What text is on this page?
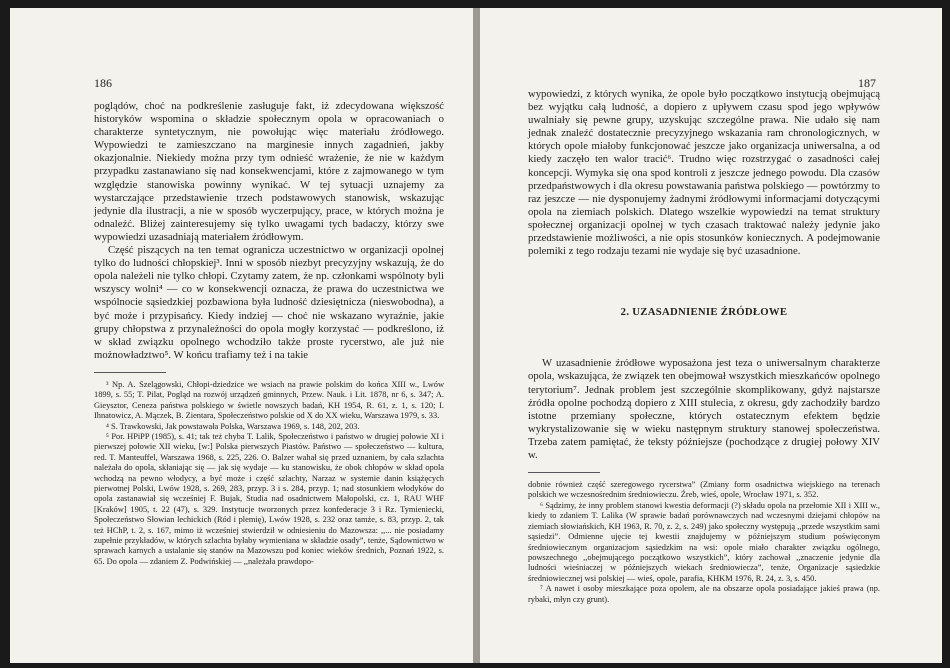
186

poglądów, choć na podkreślenie zasługuje fakt, iż zdecydowana większość historyków wspomina o składzie społecznym opola w opracowaniach o charakterze syntetycznym, nie powołując więc materiału źródłowego. Wypowiedzi te zamieszczano na marginesie innych zagadnień, jakby okazjonalnie. Niekiedy można przy tym odnieść wrażenie, że nie w każdym przypadku zastanawiano się nad konsekwencjami, które z zajmowanego w tym względzie stanowiska powinny wynikać. W tej sytuacji uznajemy za wystarczające przedstawienie trzech podstawowych stanowisk, wskazując jedynie dla ilustracji, a nie w sposób wyczerpujący, prace, w których można je odnaleźć. Bliżej zainteresujemy się tylko uwagami tych badaczy, którzy swe wypowiedzi uzasadniają materiałem źródłowym.

Część piszących na ten temat ogranicza uczestnictwo w organizacji opolnej tylko do ludności chłopskiej³. Inni w sposób niezbyt precyzyjny wskazują, że do opola należeli nie tylko chłopi. Czytamy zatem, że np. członkami wspólnoty byli wszyscy wolni⁴ — co w konsekwencji oznacza, że prawa do uczestnictwa we wspólnocie sąsiedzkiej pozbawiona była ludność dziesiętnicza (nieswobodna), a być może i przypisańcy. Kiedy indziej — choć nie wskazano wyraźnie, jakie grupy chłopstwa z przynależności do opola mogły korzystać — podkreślono, iż w skład związku opolnego wchodziło także proste rycerstwo, ale już nie możnowładztwo⁵. W końcu trafiamy też i na takie

³ Np. A. Szelągowski, Chłopi-dziedzice we wsiach na prawie polskim do końca XIII w., Lwów 1899, s. 55; T. Pilat, Pogląd na rozwój urządzeń gminnych, Przew. Nauk. i Lit. 1878, nr 6, s. 347; A. Gieysztor, Ceneza państwa polskiego w świetle nowszych badań, KH 1954, R. 61, z. 1, s. 120; I. Ihnatowicz, A. Mączek, B. Zientara, Społeczeństwo polskie od X do XX wieku, Warszawa 1979, s. 33.

⁴ S. Trawkowski, Jak powstawała Polska, Warszawa 1969, s. 148, 202, 203.

⁵ Por. HPiPP (1985), s. 41; tak też chyba T. Lalik, Społeczeństwo i państwo w drugiej połowie XI i pierwszej połowie XII wieku, [w:] Polska pierwszych Piastów. Państwo — społeczeństwo — kultura, red. T. Manteuffel, Warszawa 1968, s. 225, 226. O. Balzer wahał się przed uznaniem, by cała szlachta należała do opola, skłaniając się — jak się wydaje — ku stanowisku, że obok chłopów w skład opola wchodzą na pewno włodycy, a być może i część szlachty, Narzaz w systemie danin książęcych pierwotnej Polski, Lwów 1928, s. 269, 283, przyp. 3 i s. 284, przyp. 1; nad stosunkiem włodyków do opola zastanawiał się wcześniej F. Bujak, Studia nad osadnictwem Małopolski, cz. 1, RAU WHF [Kraków] 1905, t. 22 (47), s. 329. Instytucje tworzonych przez konfederacje 3 i Rz. Tymieniecki, Społeczeństwo Słowian lechickich (Ród i plemię), Lwów 1928, s. 232 oraz tamże, s. 83, przyp. 2, tak też HChP, t. 2, s. 167, mimo iż wcześniej stwierdził w odniesieniu do Mazowsza: ,,... nie posiadamy zupełnie przykładów, w których szlachta byłaby wymieniana w składzie osady”, tenże, Sądownictwo w sprawach karnych a ustalanie się stanów na Mazowszu pod koniec wieków średnich, Poznań 1922, s. 65. Do opola — zdaniem Z. Podwińskiej — ,,należała prawdopo-

187

wypowiedzi, z których wynika, że opole było początkowo instytucją obejmującą bez wyjątku całą ludność, a dopiero z upływem czasu spod jego wpływów uwalniały się pewne grupy, uzyskując szczególne prawa. Nie udało się nam jednak znaleźć dostatecznie precyzyjnego wskazania ram chronologicznych, w których opole miałoby funkcjonować jeszcze jako organizacja uniwersalna, a od kiedy zaczęło ten walor tracić⁶. Trudno więc rozstrzygać o zasadności całej koncepcji. Wymyka się ona spod kontroli z jeszcze jednego powodu. Dla czasów przedpaństwowych i dla okresu powstawania państwa polskiego — powtórzmy to raz jeszcze — nie dysponujemy żadnymi źródłowymi informacjami dotyczącymi opola na ziemiach polskich. Dlatego wszelkie wypowiedzi na temat struktury społecznej organizacji opolnej w tych czasach traktować należy jedynie jako przedstawienie możliwości, a nie opis stosunków koniecznych. A podejmowanie polemiki z tego rodzaju tezami nie wydaje się być uzasadnione.

2. UZASADNIENIE ŹRÓDŁOWE

W uzasadnienie źródłowe wyposażona jest teza o uniwersalnym charakterze opola, wskazująca, że związek ten obejmował wszystkich mieszkańców opolnego terytorium⁷. Jednak problem jest szczególnie skomplikowany, gdyż najstarsze źródła opolne pochodzą dopiero z XIII stulecia, z okresu, gdy zachodziły bardzo istotne przemiany społeczne, których ostatecznym efektem będzie wykrystalizowanie się w wieku następnym struktury stanowej społeczeństwa. Trzeba zatem pamiętać, że teksty późniejsze (pochodzące z drugiej połowy XIV w.

dobnie również część szeregowego rycerstwa” (Zmiany form osadnictwa wiejskiego na terenach polskich we wczesnośrednim średniowieczu. Źreb, wieś, opole, Wrocław 1971, s. 352.

⁶ Sądzimy, że inny problem stanowi kwestia deformacji (?) składu opola na przełomie XII i XIII w., kiedy to zdaniem T. Lalika (W sprawie badań porównawczych nad wczesnymi dziejami chłopów na ziemiach słowiańskich, KH 1963, R. 70, z. 2, s. 249) jako społeczny występują ,,przede wszystkim sami sąsiedzi”. Odmienne ujęcie tej kwestii znajdujemy w późniejszym studium poświęconym średniowiecznym organizacjom sąsiedzkim na wsi: opole miało charakter związku ogólnego, powszechnego ,,obejmującego początkowo wszystkich”, który zachował ,,znaczenie jedynie dla ludności wieśniaczej w późniejszych wiekach średniowiecza”, tenże, Organizacje sąsiedzkie średniowiecznej wsi polskiej — wieś, opole, parafia, KHKM 1976, R. 24, z. 3, s. 450.

⁷ A nawet i osoby mieszkające poza opolem, ale na obszarze opola posiadające jakieś prawa (np. rybaki, młyn czy grunt).
